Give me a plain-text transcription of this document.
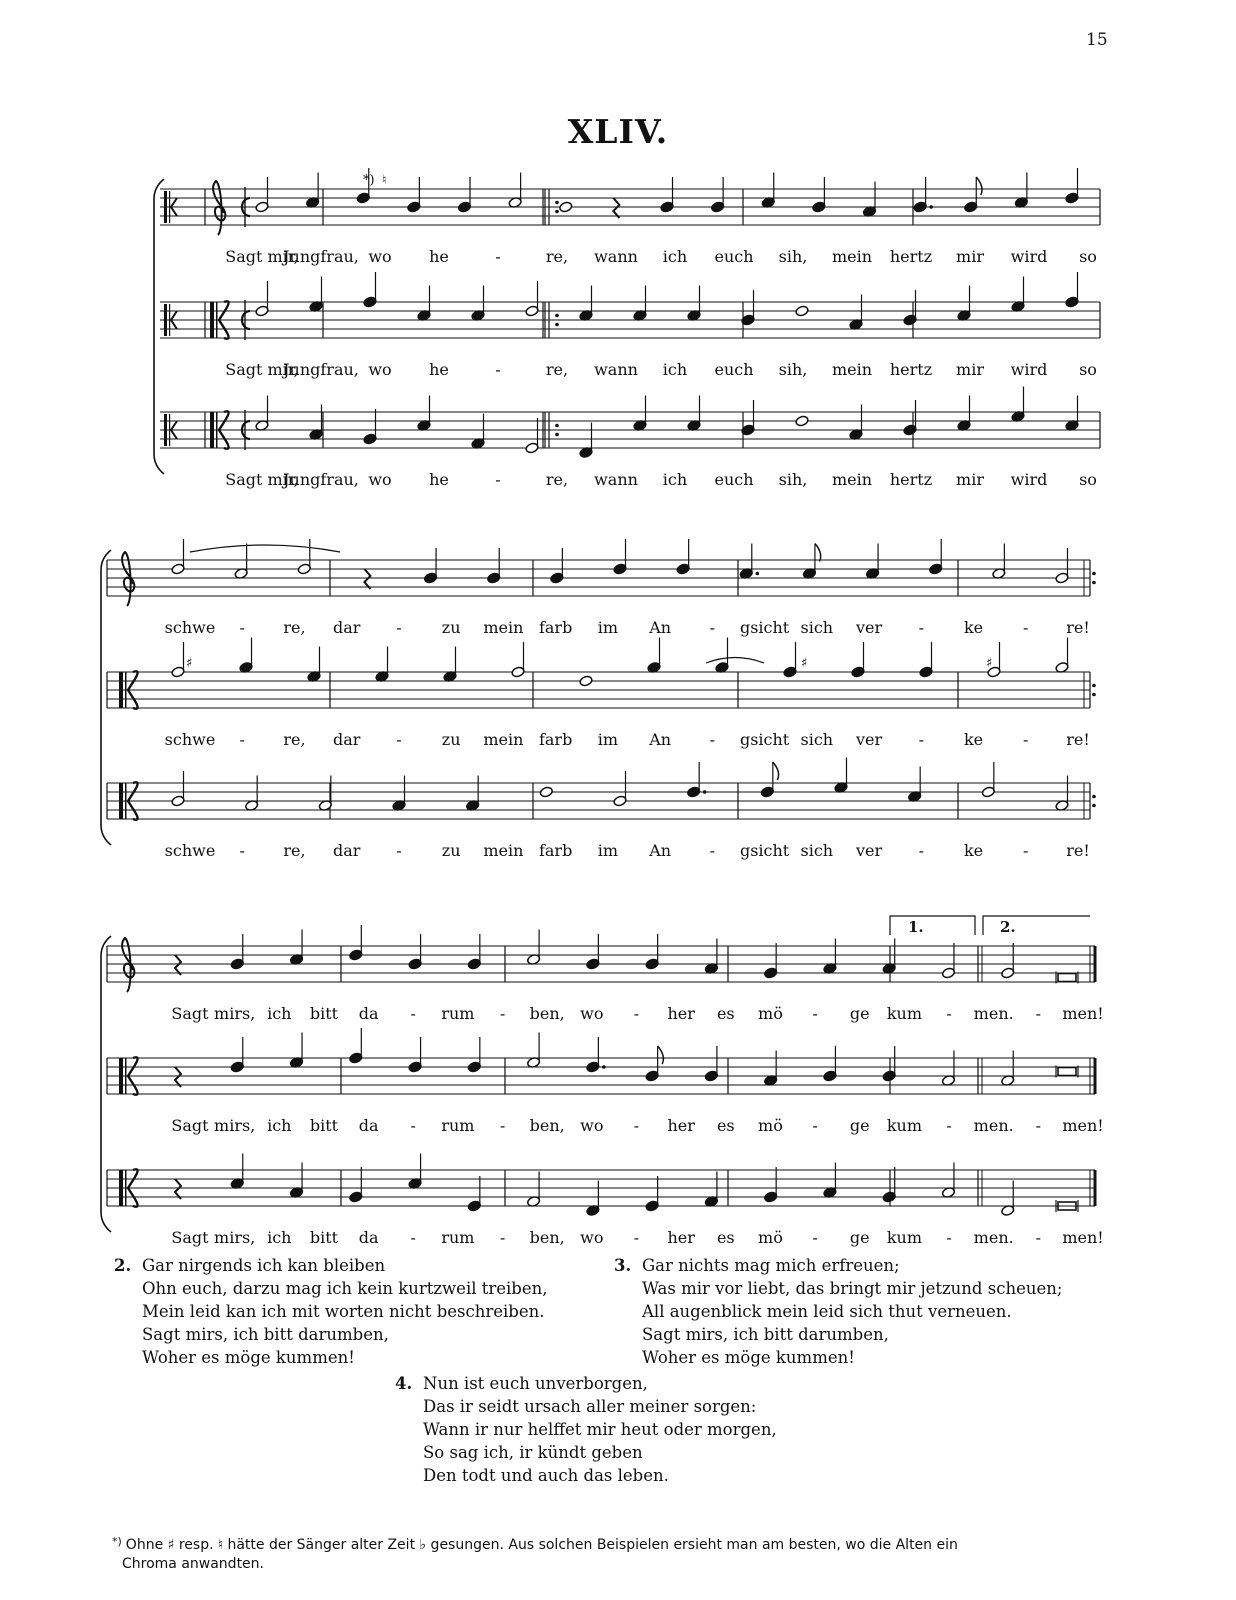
15
XLIV.
Sagt mir,
Jungfrau, wo he	-	re, wann ich euch sih, mein hertz mir wird so
Sagt mir,
Jungfrau, wo he	-	re, wann ich euch sih, mein hertz mir wird so
Sagt mir,
Jungfrau, wo he	-	re, wann ich euch sih, mein hertz mir wird so
*) ♮
schwe - re, dar -	zu mein farb im An - gsicht sich ver - ke - re!
schwe - re, dar -	zu mein farb im An - gsicht sich ver - ke - re!
schwe - re, dar -	zu mein farb im An - gsicht sich ver - ke - re!
♯	♯	♯
Sagt mirs, ich bitt da - rum - ben, wo - her es mö - ge kum - men. - men!
Sagt mirs, ich bitt da - rum - ben, wo - her es mö - ge kum - men. - men!
Sagt mirs, ich bitt da - rum - ben, wo - her es mö - ge kum - men. - men!
1.	2.
2. Gar nirgends ich kan bleiben
Ohn euch, darzu mag ich kein kurtzweil treiben,
Mein leid kan ich mit worten nicht beschreiben.
Sagt mirs, ich bitt darumben,
Woher es möge kummen!
3. Gar nichts mag mich erfreuen;
Was mir vor liebt, das bringt mir jetzund scheuen;
All augenblick mein leid sich thut verneuen.
Sagt mirs, ich bitt darumben,
Woher es möge kummen!
4. Nun ist euch unverborgen,
Das ir seidt ursach aller meiner sorgen:
Wann ir nur helffet mir heut oder morgen,
So sag ich, ir kündt geben
Den todt und auch das leben.
*) Ohne ♯ resp. ♮ hätte der Sänger alter Zeit ♭ gesungen. Aus solchen Beispielen ersieht man am besten, wo die Alten ein
Chroma anwandten.
